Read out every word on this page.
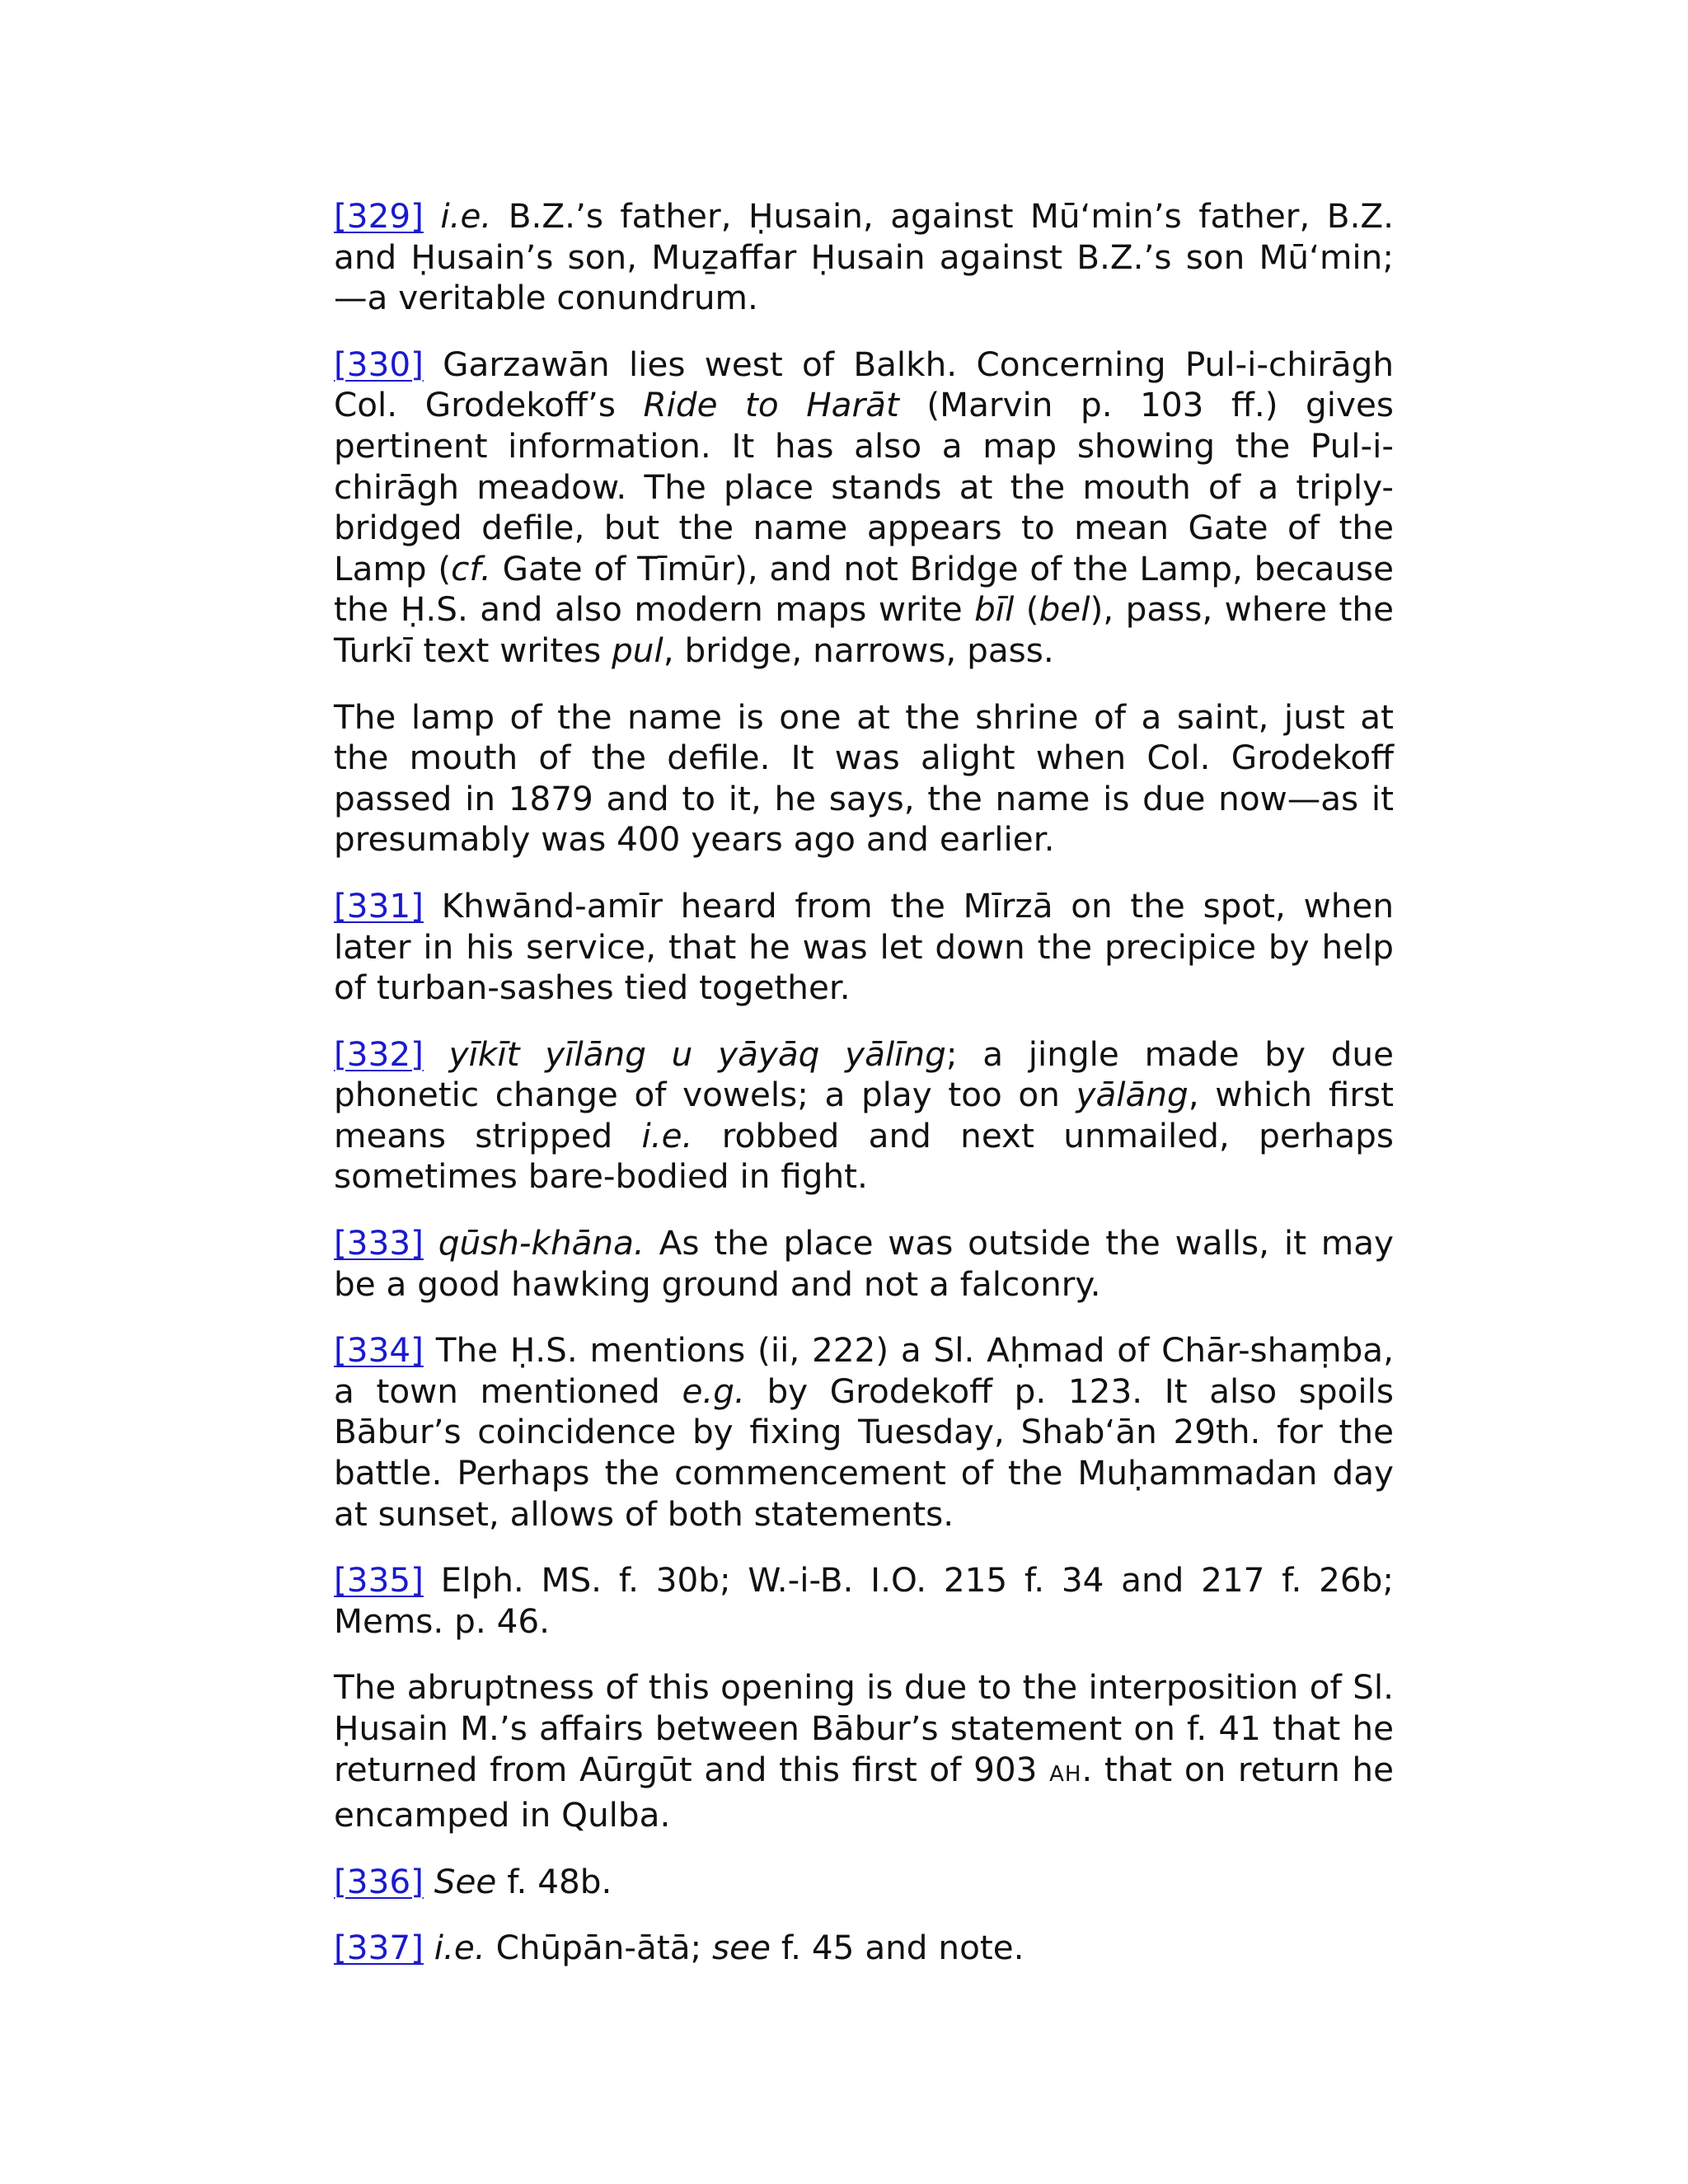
[329] i.e. B.Z.’s father, Ḥusain, against Mū‘min’s father, B.Z. and Ḥusain’s son, Muẕaffar Ḥusain against B.Z.’s son Mū‘min;—a veritable conundrum.

[330] Garzawān lies west of Balkh. Concerning Pul-i-chirāgh Col. Grodekoff’s Ride to Harāt (Marvin p. 103 ff.) gives pertinent information. It has also a map showing the Pul-i-chirāgh meadow. The place stands at the mouth of a triply-bridged defile, but the name appears to mean Gate of the Lamp (cf. Gate of Tīmūr), and not Bridge of the Lamp, because the Ḥ.S. and also modern maps write bīl (bel), pass, where the Turkī text writes pul, bridge, narrows, pass.

The lamp of the name is one at the shrine of a saint, just at the mouth of the defile. It was alight when Col. Grodekoff passed in 1879 and to it, he says, the name is due now—as it presumably was 400 years ago and earlier.

[331] Khwānd-amīr heard from the Mīrzā on the spot, when later in his service, that he was let down the precipice by help of turban-sashes tied together.

[332] yīkīt yīlāng u yāyāq yālīng; a jingle made by due phonetic change of vowels; a play too on yālāng, which first means stripped i.e. robbed and next unmailed, perhaps sometimes bare-bodied in fight.

[333] qūsh-khāna. As the place was outside the walls, it may be a good hawking ground and not a falconry.

[334] The Ḥ.S. mentions (ii, 222) a Sl. Aḥmad of Chār-shaṃba, a town mentioned e.g. by Grodekoff p. 123. It also spoils Bābur’s coincidence by fixing Tuesday, Shab‘ān 29th. for the battle. Perhaps the commencement of the Muḥammadan day at sunset, allows of both statements.

[335] Elph. MS. f. 30b; W.-i-B. I.O. 215 f. 34 and 217 f. 26b; Mems. p. 46.

The abruptness of this opening is due to the interposition of Sl. Ḥusain M.’s affairs between Bābur’s statement on f. 41 that he returned from Aūrgūt and this first of 903 AH. that on return he encamped in Qulba.

[336] See f. 48b.

[337] i.e. Chūpān-ātā; see f. 45 and note.
